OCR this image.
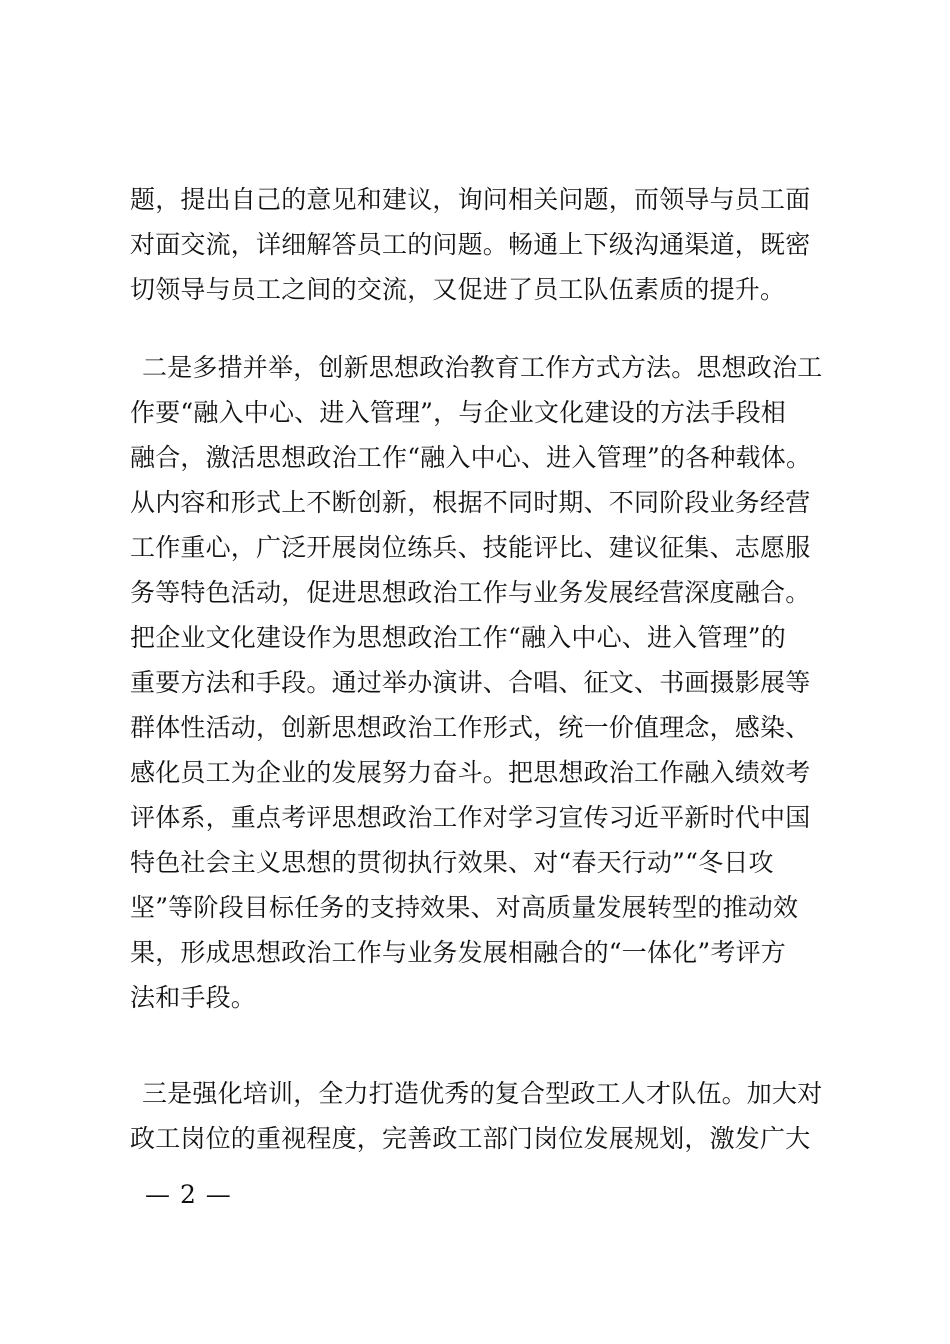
题，提出自己的意见和建议，询问相关问题，而领导与员工面
对面交流，详细解答员工的问题。畅通上下级沟通渠道，既密
切领导与员工之间的交流，又促进了员工队伍素质的提升。
二是多措并举，创新思想政治教育工作方式方法。思想政治工
作要“融入中心、进入管理”，与企业文化建设的方法手段相
融合，激活思想政治工作“融入中心、进入管理”的各种载体。
从内容和形式上不断创新，根据不同时期、不同阶段业务经营
工作重心，广泛开展岗位练兵、技能评比、建议征集、志愿服
务等特色活动，促进思想政治工作与业务发展经营深度融合。
把企业文化建设作为思想政治工作“融入中心、进入管理”的
重要方法和手段。通过举办演讲、合唱、征文、书画摄影展等
群体性活动，创新思想政治工作形式，统一价值理念，感染、
感化员工为企业的发展努力奋斗。把思想政治工作融入绩效考
评体系，重点考评思想政治工作对学习宣传习近平新时代中国
特色社会主义思想的贯彻执行效果、对“春天行动”“冬日攻
坚”等阶段目标任务的支持效果、对高质量发展转型的推动效
果，形成思想政治工作与业务发展相融合的“一体化”考评方
法和手段。
三是强化培训，全力打造优秀的复合型政工人才队伍。加大对
政工岗位的重视程度，完善政工部门岗位发展规划，激发广大
— 2 —
